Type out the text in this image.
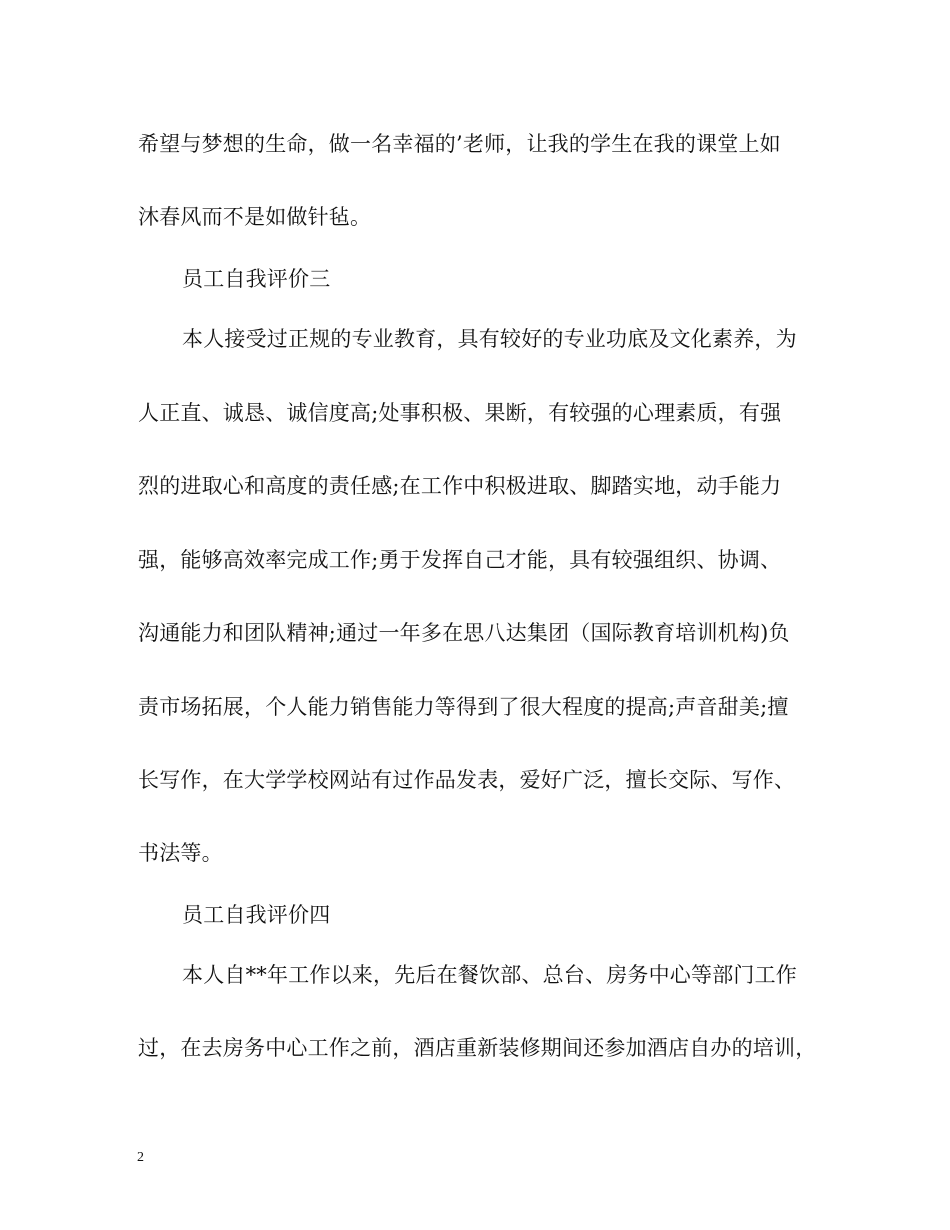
希望与梦想的生命，做一名幸福的’老师，让我的学生在我的课堂上如
沐春风而不是如做针毡。
员工自我评价三
本人接受过正规的专业教育，具有较好的专业功底及文化素养，为
人正直、诚恳、诚信度高;处事积极、果断，有较强的心理素质，有强
烈的进取心和高度的责任感;在工作中积极进取、脚踏实地，动手能力
强，能够高效率完成工作;勇于发挥自己才能，具有较强组织、协调、
沟通能力和团队精神;通过一年多在思八达集团（国际教育培训机构)负
责市场拓展，个人能力销售能力等得到了很大程度的提高;声音甜美;擅
长写作，在大学学校网站有过作品发表，爱好广泛，擅长交际、写作、
书法等。
员工自我评价四
本人自**年工作以来，先后在餐饮部、总台、房务中心等部门工作
过，在去房务中心工作之前，酒店重新装修期间还参加酒店自办的培训，
2
